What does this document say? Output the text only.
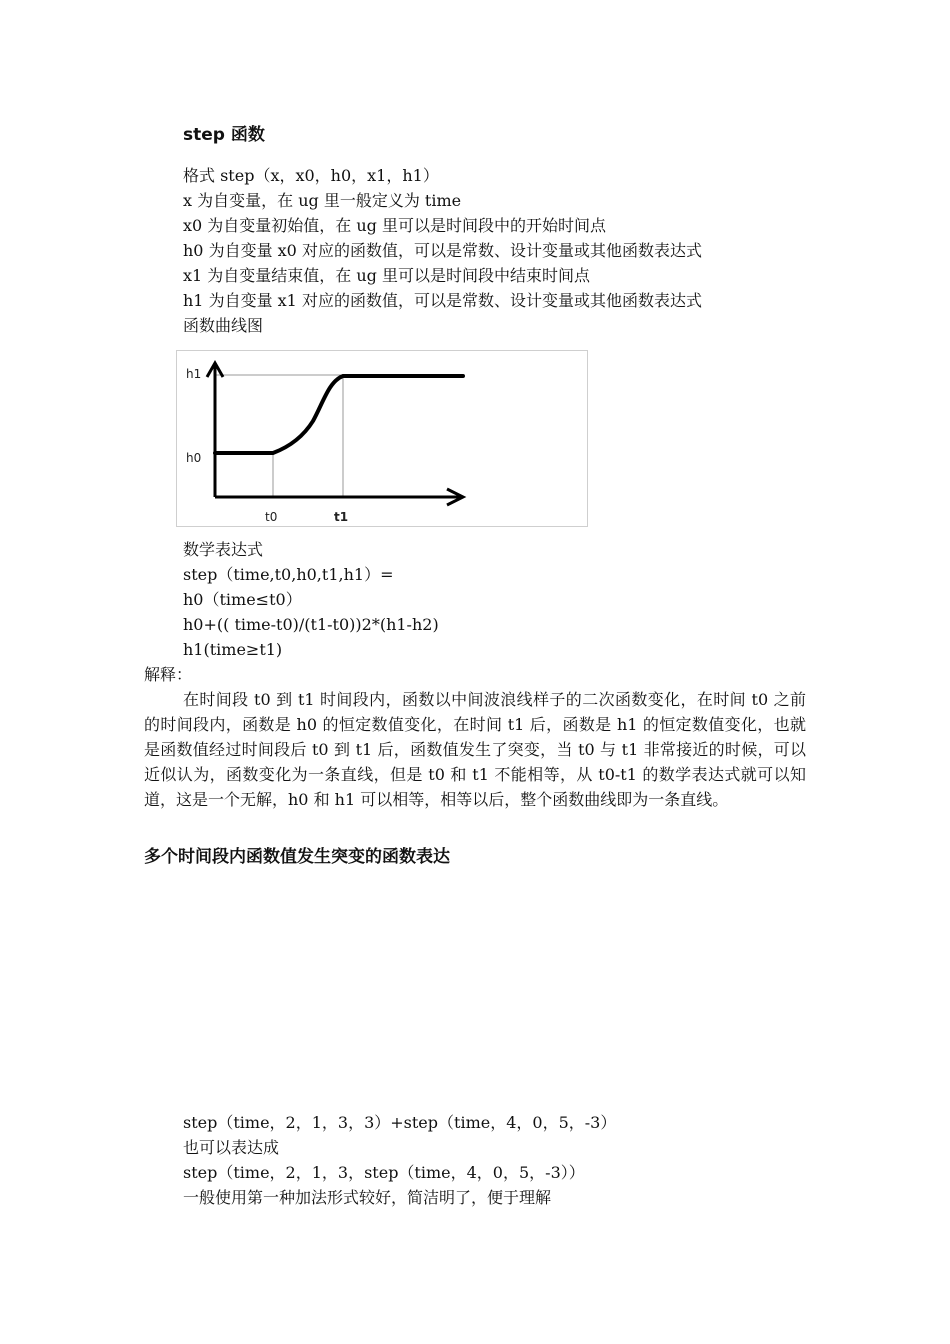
step 函数
格式 step（x，x0，h0，x1，h1）
x 为自变量，在 ug 里一般定义为 time
x0 为自变量初始值，在 ug 里可以是时间段中的开始时间点
h0 为自变量 x0 对应的函数值，可以是常数、设计变量或其他函数表达式
x1 为自变量结束值，在 ug 里可以是时间段中结束时间点
h1 为自变量 x1 对应的函数值，可以是常数、设计变量或其他函数表达式
函数曲线图
h1
h0
t0	t1
数学表达式
step（time,t0,h0,t1,h1）=
h0（time≤t0）
h0+(( time-t0)/(t1-t0))2*(h1-h2)
h1(time≥t1)
解释：
在时间段 t0 到 t1 时间段内，函数以中间波浪线样子的二次函数变化，在时间 t0 之前的时间段内，函数是 h0 的恒定数值变化，在时间 t1 后，函数是 h1 的恒定数值变化，也就是函数值经过时间段后 t0 到 t1 后，函数值发生了突变，当 t0 与 t1 非常接近的时候，可以近似认为，函数变化为一条直线，但是 t0 和 t1 不能相等，从 t0-t1 的数学表达式就可以知道，这是一个无解，h0 和 h1 可以相等，相等以后，整个函数曲线即为一条直线。
多个时间段内函数值发生突变的函数表达
step（time，2，1，3，3）+step（time，4，0，5，-3）
也可以表达成
step（time，2，1，3，step（time，4，0，5，-3））
一般使用第一种加法形式较好，简洁明了，便于理解
